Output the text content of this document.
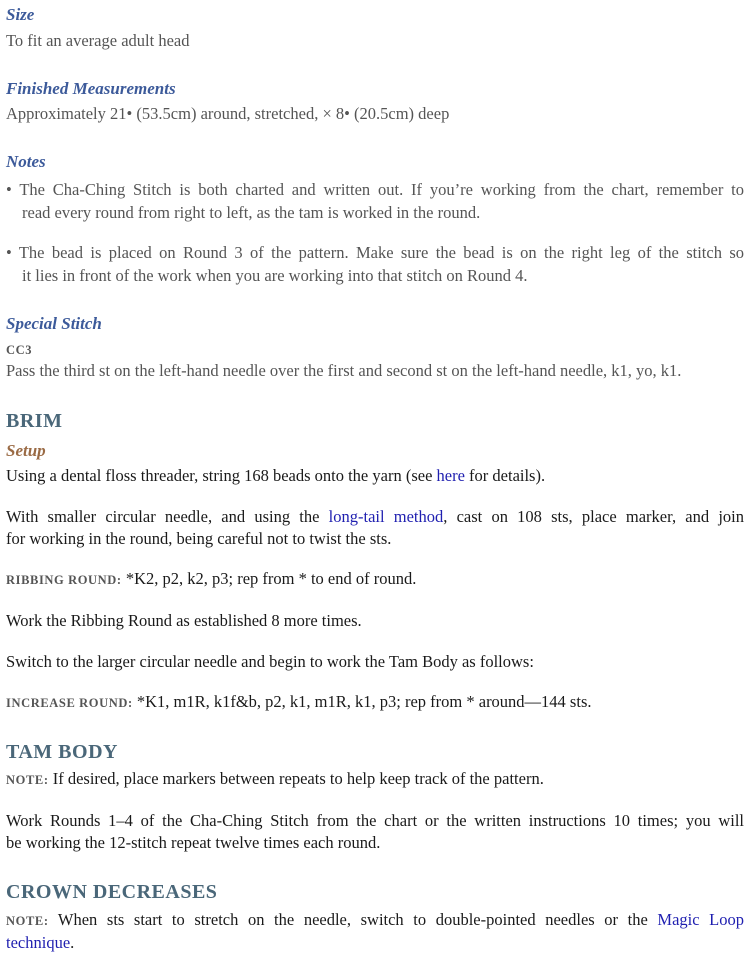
Size
To fit an average adult head
Finished Measurements
Approximately 21• (53.5cm) around, stretched, × 8• (20.5cm) deep
Notes
• The Cha-Ching Stitch is both charted and written out. If you’re working from the chart, remember to
read every round from right to left, as the tam is worked in the round.
• The bead is placed on Round 3 of the pattern. Make sure the bead is on the right leg of the stitch so
it lies in front of the work when you are working into that stitch on Round 4.
Special Stitch
CC3
Pass the third st on the left-hand needle over the first and second st on the left-hand needle, k1, yo, k1.
BRIM
Setup
Using a dental floss threader, string 168 beads onto the yarn (see here for details).
With smaller circular needle, and using the long-tail method, cast on 108 sts, place marker, and join
for working in the round, being careful not to twist the sts.
RIBBING ROUND: *K2, p2, k2, p3; rep from * to end of round.
Work the Ribbing Round as established 8 more times.
Switch to the larger circular needle and begin to work the Tam Body as follows:
INCREASE ROUND: *K1, m1R, k1f&b, p2, k1, m1R, k1, p3; rep from * around—144 sts.
TAM BODY
NOTE: If desired, place markers between repeats to help keep track of the pattern.
Work Rounds 1–4 of the Cha-Ching Stitch from the chart or the written instructions 10 times; you will
be working the 12-stitch repeat twelve times each round.
CROWN DECREASES
NOTE: When sts start to stretch on the needle, switch to double-pointed needles or the Magic Loop
technique.
